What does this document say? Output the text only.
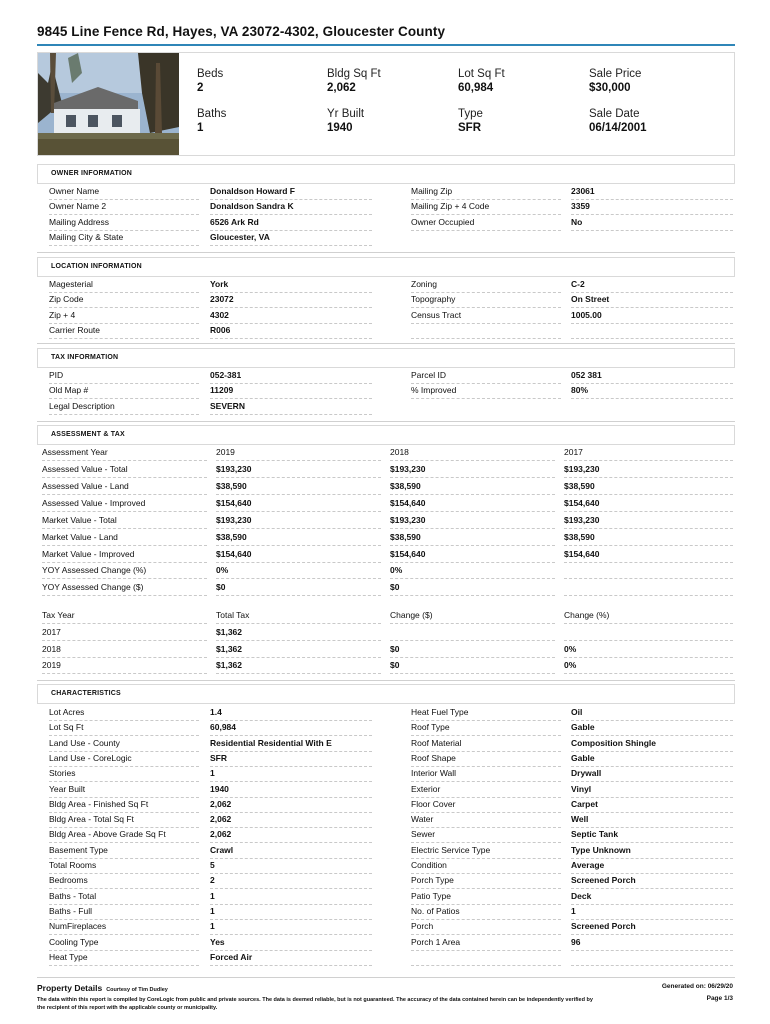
9845 Line Fence Rd, Hayes, VA 23072-4302, Gloucester County
Beds
2
Bldg Sq Ft
2,062
Lot Sq Ft
60,984
Sale Price
$30,000
Baths
1
Yr Built
1940
Type
SFR
Sale Date
06/14/2001
OWNER INFORMATION
Owner Name	Donaldson Howard F
Owner Name 2	Donaldson Sandra K
Mailing Address	6526 Ark Rd
Mailing City & State	Gloucester, VA
Mailing Zip	23061
Mailing Zip + 4 Code	3359
Owner Occupied	No
LOCATION INFORMATION
Magesterial	York
Zip Code	23072
Zip + 4	4302
Carrier Route	R006
Zoning	C-2
Topography	On Street
Census Tract	1005.00
TAX INFORMATION
PID	052-381
Old Map #	11209
Legal Description	SEVERN
Parcel ID	052 381
% Improved	80%
ASSESSMENT & TAX
Assessment Year	2019	2018	2017
Assessed Value - Total	$193,230	$193,230	$193,230
Assessed Value - Land	$38,590	$38,590	$38,590
Assessed Value - Improved	$154,640	$154,640	$154,640
Market Value - Total	$193,230	$193,230	$193,230
Market Value - Land	$38,590	$38,590	$38,590
Market Value - Improved	$154,640	$154,640	$154,640
YOY Assessed Change (%)	0%	0%
YOY Assessed Change ($)	$0	$0
Tax Year	Total Tax	Change ($)	Change (%)
2017	$1,362
2018	$1,362	$0	0%
2019	$1,362	$0	0%
CHARACTERISTICS
Lot Acres	1.4
Lot Sq Ft	60,984
Land Use - County	Residential Residential With E
Land Use - CoreLogic	SFR
Stories	1
Year Built	1940
Bldg Area - Finished Sq Ft	2,062
Bldg Area - Total Sq Ft	2,062
Bldg Area - Above Grade Sq Ft	2,062
Basement Type	Crawl
Total Rooms	5
Bedrooms	2
Baths - Total	1
Baths - Full	1
NumFireplaces	1
Cooling Type	Yes
Heat Type	Forced Air
Heat Fuel Type	Oil
Roof Type	Gable
Roof Material	Composition Shingle
Roof Shape	Gable
Interior Wall	Drywall
Exterior	Vinyl
Floor Cover	Carpet
Water	Well
Sewer	Septic Tank
Electric Service Type	Type Unknown
Condition	Average
Porch Type	Screened Porch
Patio Type	Deck
No. of Patios	1
Porch	Screened Porch
Porch 1 Area	96
Property Details Courtesy of Tim Dudley	Generated on: 06/29/20
The data within this report is compiled by CoreLogic from public and private sources. The data is deemed reliable, but is not guaranteed. The accuracy of the data contained herein can be independently verified by the recipient of this report with the applicable county or municipality.
Page 1/3
